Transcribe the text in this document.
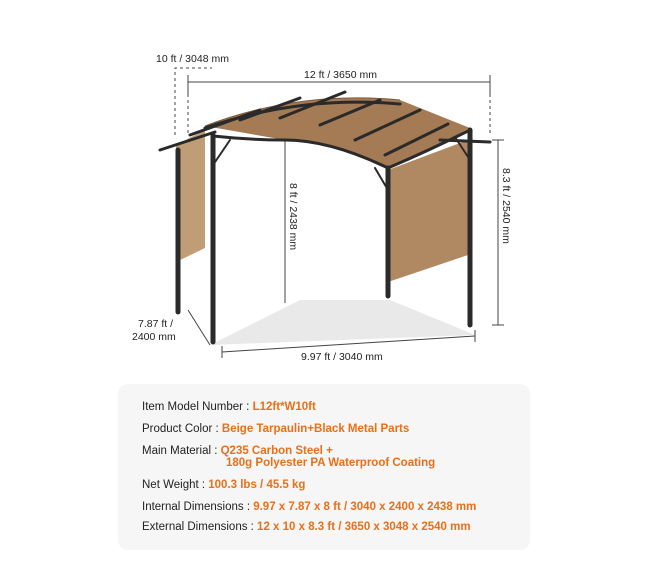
10 ft / 3048 mm
12 ft / 3650 mm
8 ft / 2438 mm	8.3 ft / 2540 mm
7.87 ft /
2400 mm
9.97 ft / 3040 mm
Item Model Number : L12ft*W10ft
Product Color : Beige Tarpaulin+Black Metal Parts
Main Material : Q235 Carbon Steel +
180g Polyester PA Waterproof Coating
Net Weight : 100.3 lbs / 45.5 kg
Internal Dimensions : 9.97 x 7.87 x 8 ft / 3040 x 2400 x 2438 mm
External Dimensions : 12 x 10 x 8.3 ft / 3650 x 3048 x 2540 mm
